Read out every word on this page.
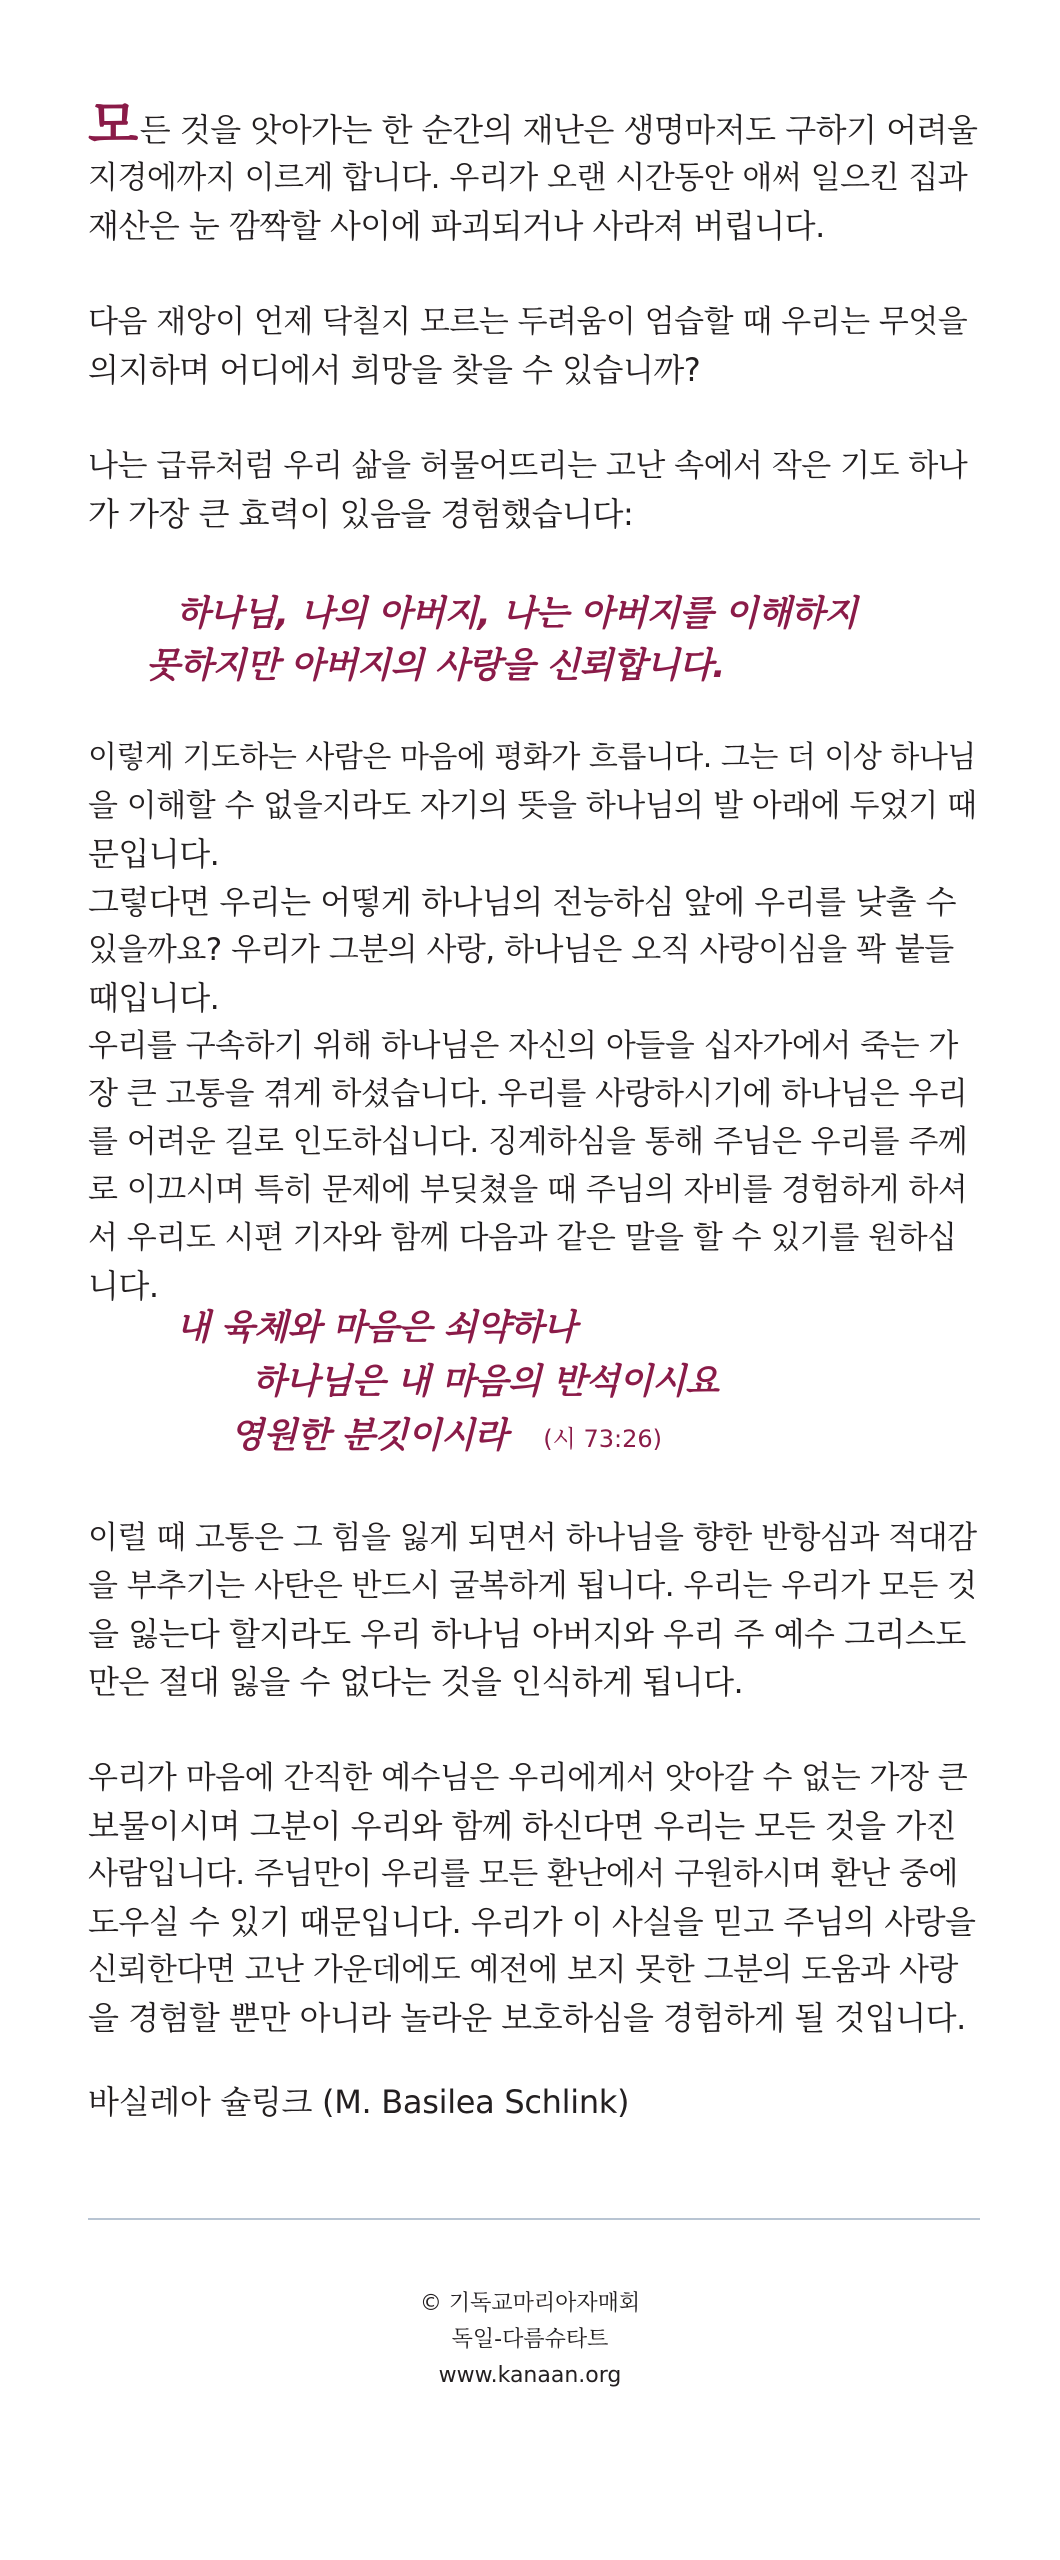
모든 것을 앗아가는 한 순간의 재난은 생명마저도 구하기 어려울
지경에까지 이르게 합니다. 우리가 오랜 시간동안 애써 일으킨 집과
재산은 눈 깜짝할 사이에 파괴되거나 사라져 버립니다.
다음 재앙이 언제 닥칠지 모르는 두려움이 엄습할 때 우리는 무엇을
의지하며 어디에서 희망을 찾을 수 있습니까?
나는 급류처럼 우리 삶을 허물어뜨리는 고난 속에서 작은 기도 하나
가 가장 큰 효력이 있음을 경험했습니다:
하나님, 나의 아버지, 나는 아버지를 이해하지
못하지만 아버지의 사랑을 신뢰합니다.
이렇게 기도하는 사람은 마음에 평화가 흐릅니다. 그는 더 이상 하나님
을 이해할 수 없을지라도 자기의 뜻을 하나님의 발 아래에 두었기 때
문입니다.
그렇다면 우리는 어떻게 하나님의 전능하심 앞에 우리를 낮출 수
있을까요? 우리가 그분의 사랑, 하나님은 오직 사랑이심을 꽉 붙들
때입니다.
우리를 구속하기 위해 하나님은 자신의 아들을 십자가에서 죽는 가
장 큰 고통을 겪게 하셨습니다. 우리를 사랑하시기에 하나님은 우리
를 어려운 길로 인도하십니다. 징계하심을 통해 주님은 우리를 주께
로 이끄시며 특히 문제에 부딪쳤을 때 주님의 자비를 경험하게 하셔
서 우리도 시편 기자와 함께 다음과 같은 말을 할 수 있기를 원하십
니다.
내 육체와 마음은 쇠약하나
하나님은 내 마음의 반석이시요
영원한 분깃이시라 (시 73:26)
이럴 때 고통은 그 힘을 잃게 되면서 하나님을 향한 반항심과 적대감
을 부추기는 사탄은 반드시 굴복하게 됩니다. 우리는 우리가 모든 것
을 잃는다 할지라도 우리 하나님 아버지와 우리 주 예수 그리스도
만은 절대 잃을 수 없다는 것을 인식하게 됩니다.
우리가 마음에 간직한 예수님은 우리에게서 앗아갈 수 없는 가장 큰
보물이시며 그분이 우리와 함께 하신다면 우리는 모든 것을 가진
사람입니다. 주님만이 우리를 모든 환난에서 구원하시며 환난 중에
도우실 수 있기 때문입니다. 우리가 이 사실을 믿고 주님의 사랑을
신뢰한다면 고난 가운데에도 예전에 보지 못한 그분의 도움과 사랑
을 경험할 뿐만 아니라 놀라운 보호하심을 경험하게 될 것입니다.
바실레아 슐링크 (M. Basilea Schlink)
© 기독교마리아자매회
독일-다름슈타트
www.kanaan.org
